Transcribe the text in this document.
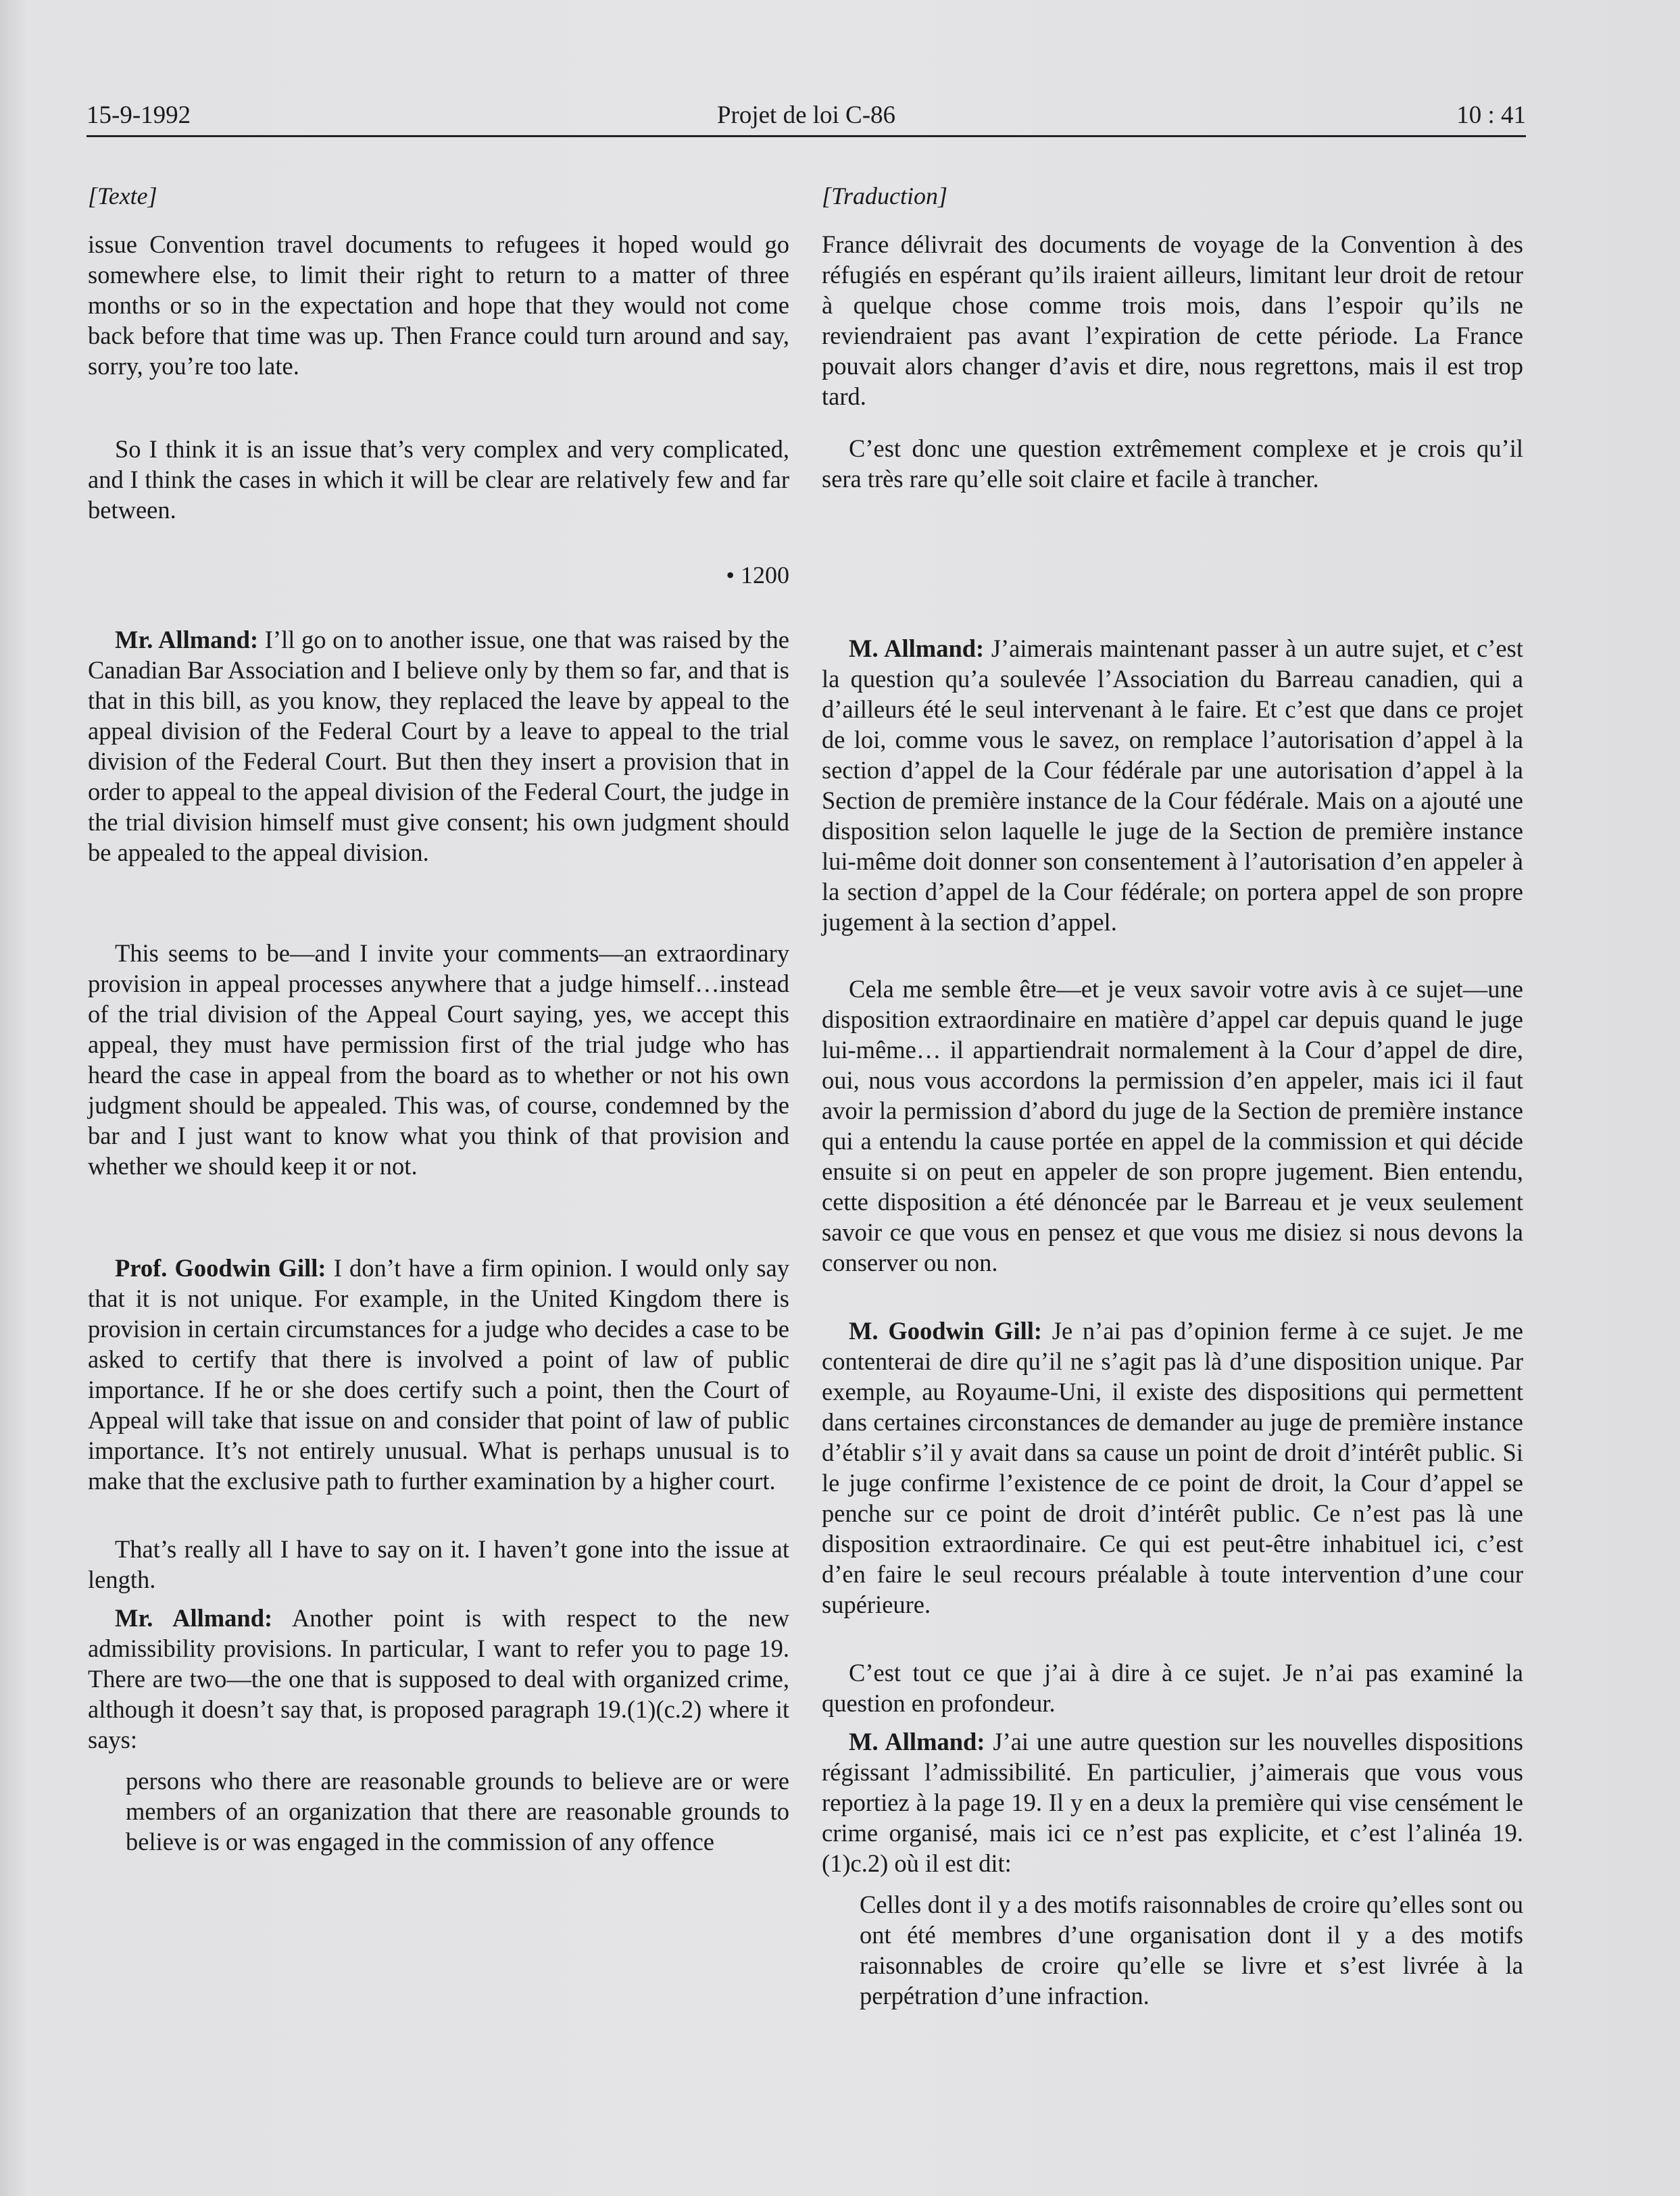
15-9-1992	Projet de loi C-86	10 : 41
[Texte]

issue Convention travel documents to refugees it hoped would go somewhere else, to limit their right to return to a matter of three months or so in the expectation and hope that they would not come back before that time was up. Then France could turn around and say, sorry, you’re too late.

So I think it is an issue that’s very complex and very complicated, and I think the cases in which it will be clear are relatively few and far between.

• 1200

Mr. Allmand: I’ll go on to another issue, one that was raised by the Canadian Bar Association and I believe only by them so far, and that is that in this bill, as you know, they replaced the leave by appeal to the appeal division of the Federal Court by a leave to appeal to the trial division of the Federal Court. But then they insert a provision that in order to appeal to the appeal division of the Federal Court, the judge in the trial division himself must give consent; his own judgment should be appealed to the appeal division.

This seems to be—and I invite your comments—an extraordinary provision in appeal processes anywhere that a judge himself…instead of the trial division of the Appeal Court saying, yes, we accept this appeal, they must have permission first of the trial judge who has heard the case in appeal from the board as to whether or not his own judgment should be appealed. This was, of course, condemned by the bar and I just want to know what you think of that provision and whether we should keep it or not.

Prof. Goodwin Gill: I don’t have a firm opinion. I would only say that it is not unique. For example, in the United Kingdom there is provision in certain circumstances for a judge who decides a case to be asked to certify that there is involved a point of law of public importance. If he or she does certify such a point, then the Court of Appeal will take that issue on and consider that point of law of public importance. It’s not entirely unusual. What is perhaps unusual is to make that the exclusive path to further examination by a higher court.

That’s really all I have to say on it. I haven’t gone into the issue at length.

Mr. Allmand: Another point is with respect to the new admissibility provisions. In particular, I want to refer you to page 19. There are two—the one that is supposed to deal with organized crime, although it doesn’t say that, is proposed paragraph 19.(1)(c.2) where it says:

persons who there are reasonable grounds to believe are or were members of an organization that there are reasonable grounds to believe is or was engaged in the commission of any offence

[Traduction]

France délivrait des documents de voyage de la Convention à des réfugiés en espérant qu’ils iraient ailleurs, limitant leur droit de retour à quelque chose comme trois mois, dans l’espoir qu’ils ne reviendraient pas avant l’expiration de cette période. La France pouvait alors changer d’avis et dire, nous regrettons, mais il est trop tard.

C’est donc une question extrêmement complexe et je crois qu’il sera très rare qu’elle soit claire et facile à trancher.

M. Allmand: J’aimerais maintenant passer à un autre sujet, et c’est la question qu’a soulevée l’Association du Barreau canadien, qui a d’ailleurs été le seul intervenant à le faire. Et c’est que dans ce projet de loi, comme vous le savez, on remplace l’autorisation d’appel à la section d’appel de la Cour fédérale par une autorisation d’appel à la Section de première instance de la Cour fédérale. Mais on a ajouté une disposition selon laquelle le juge de la Section de première instance lui-même doit donner son consentement à l’autorisation d’en appeler à la section d’appel de la Cour fédérale; on portera appel de son propre jugement à la section d’appel.

Cela me semble être—et je veux savoir votre avis à ce sujet—une disposition extraordinaire en matière d’appel car depuis quand le juge lui-même… il appartiendrait normalement à la Cour d’appel de dire, oui, nous vous accordons la permission d’en appeler, mais ici il faut avoir la permission d’abord du juge de la Section de première instance qui a entendu la cause portée en appel de la commission et qui décide ensuite si on peut en appeler de son propre jugement. Bien entendu, cette disposition a été dénoncée par le Barreau et je veux seulement savoir ce que vous en pensez et que vous me disiez si nous devons la conserver ou non.

M. Goodwin Gill: Je n’ai pas d’opinion ferme à ce sujet. Je me contenterai de dire qu’il ne s’agit pas là d’une disposition unique. Par exemple, au Royaume-Uni, il existe des dispositions qui permettent dans certaines circonstances de demander au juge de première instance d’établir s’il y avait dans sa cause un point de droit d’intérêt public. Si le juge confirme l’existence de ce point de droit, la Cour d’appel se penche sur ce point de droit d’intérêt public. Ce n’est pas là une disposition extraordinaire. Ce qui est peut-être inhabituel ici, c’est d’en faire le seul recours préalable à toute intervention d’une cour supérieure.

C’est tout ce que j’ai à dire à ce sujet. Je n’ai pas examiné la question en profondeur.

M. Allmand: J’ai une autre question sur les nouvelles dispositions régissant l’admissibilité. En particulier, j’aimerais que vous vous reportiez à la page 19. Il y en a deux la première qui vise censément le crime organisé, mais ici ce n’est pas explicite, et c’est l’alinéa 19.(1)c.2) où il est dit:

Celles dont il y a des motifs raisonnables de croire qu’elles sont ou ont été membres d’une organisation dont il y a des motifs raisonnables de croire qu’elle se livre et s’est livrée à la perpétration d’une infraction.
